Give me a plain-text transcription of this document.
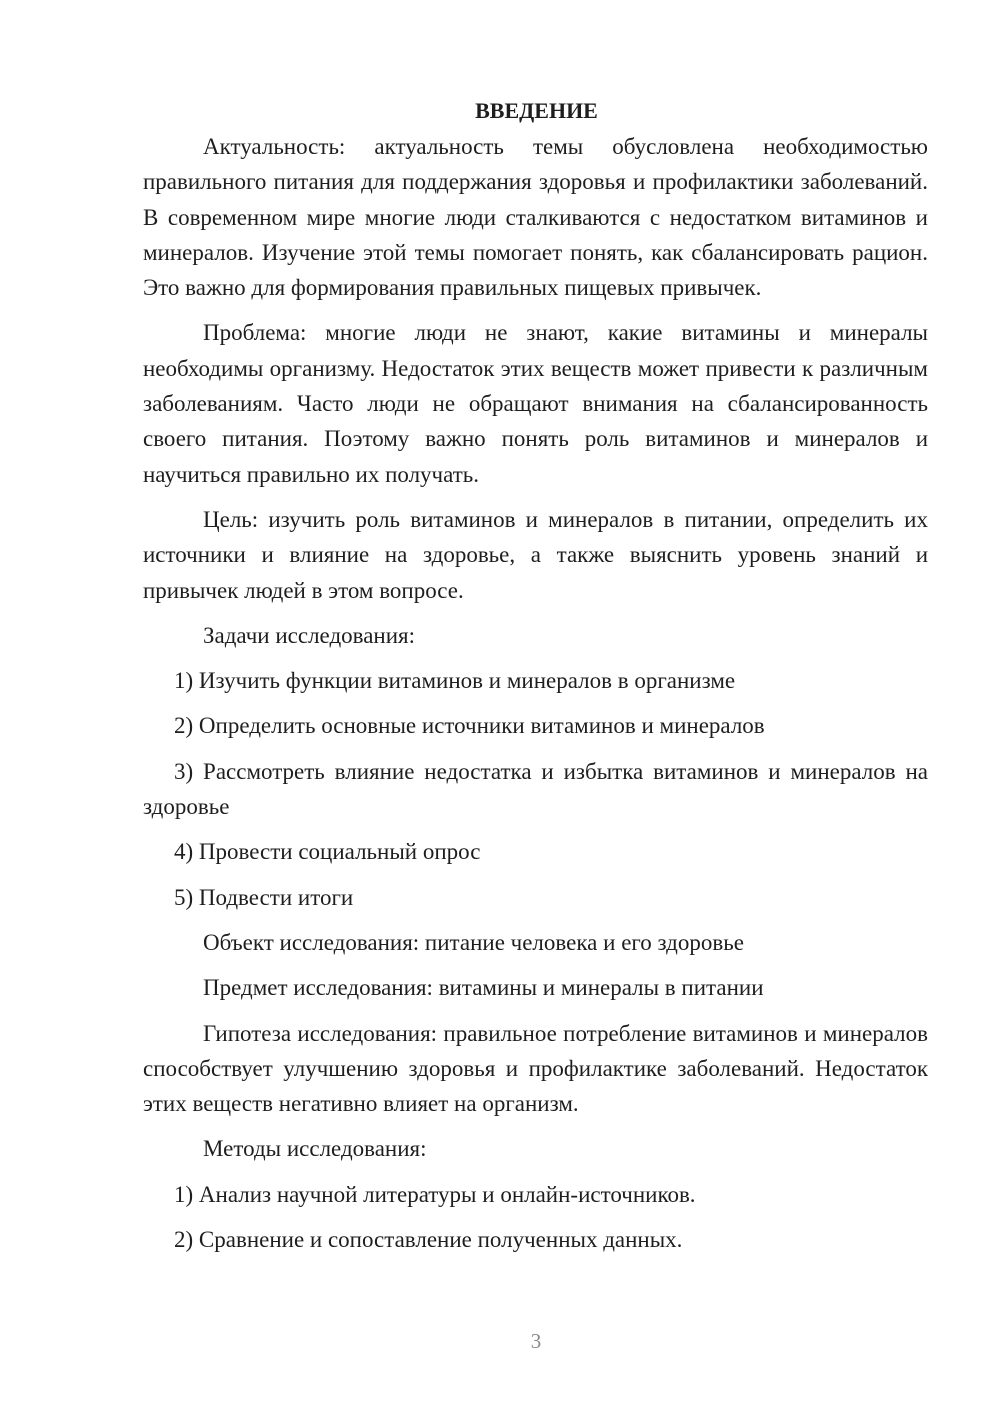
ВВЕДЕНИЕ

Актуальность: актуальность темы обусловлена необходимостью правильного питания для поддержания здоровья и профилактики заболеваний. В современном мире многие люди сталкиваются с недостатком витаминов и минералов. Изучение этой темы помогает понять, как сбалансировать рацион. Это важно для формирования правильных пищевых привычек.

Проблема: многие люди не знают, какие витамины и минералы необходимы организму. Недостаток этих веществ может привести к различным заболеваниям. Часто люди не обращают внимания на сбалансированность своего питания. Поэтому важно понять роль витаминов и минералов и научиться правильно их получать.

Цель: изучить роль витаминов и минералов в питании, определить их источники и влияние на здоровье, а также выяснить уровень знаний и привычек людей в этом вопросе.

Задачи исследования:

1) Изучить функции витаминов и минералов в организме

2) Определить основные источники витаминов и минералов

3) Рассмотреть влияние недостатка и избытка витаминов и минералов на здоровье

4) Провести социальный опрос

5) Подвести итоги

Объект исследования: питание человека и его здоровье

Предмет исследования: витамины и минералы в питании

Гипотеза исследования: правильное потребление витаминов и минералов способствует улучшению здоровья и профилактике заболеваний. Недостаток этих веществ негативно влияет на организм.

Методы исследования:

1) Анализ научной литературы и онлайн-источников.

2) Сравнение и сопоставление полученных данных.

3
